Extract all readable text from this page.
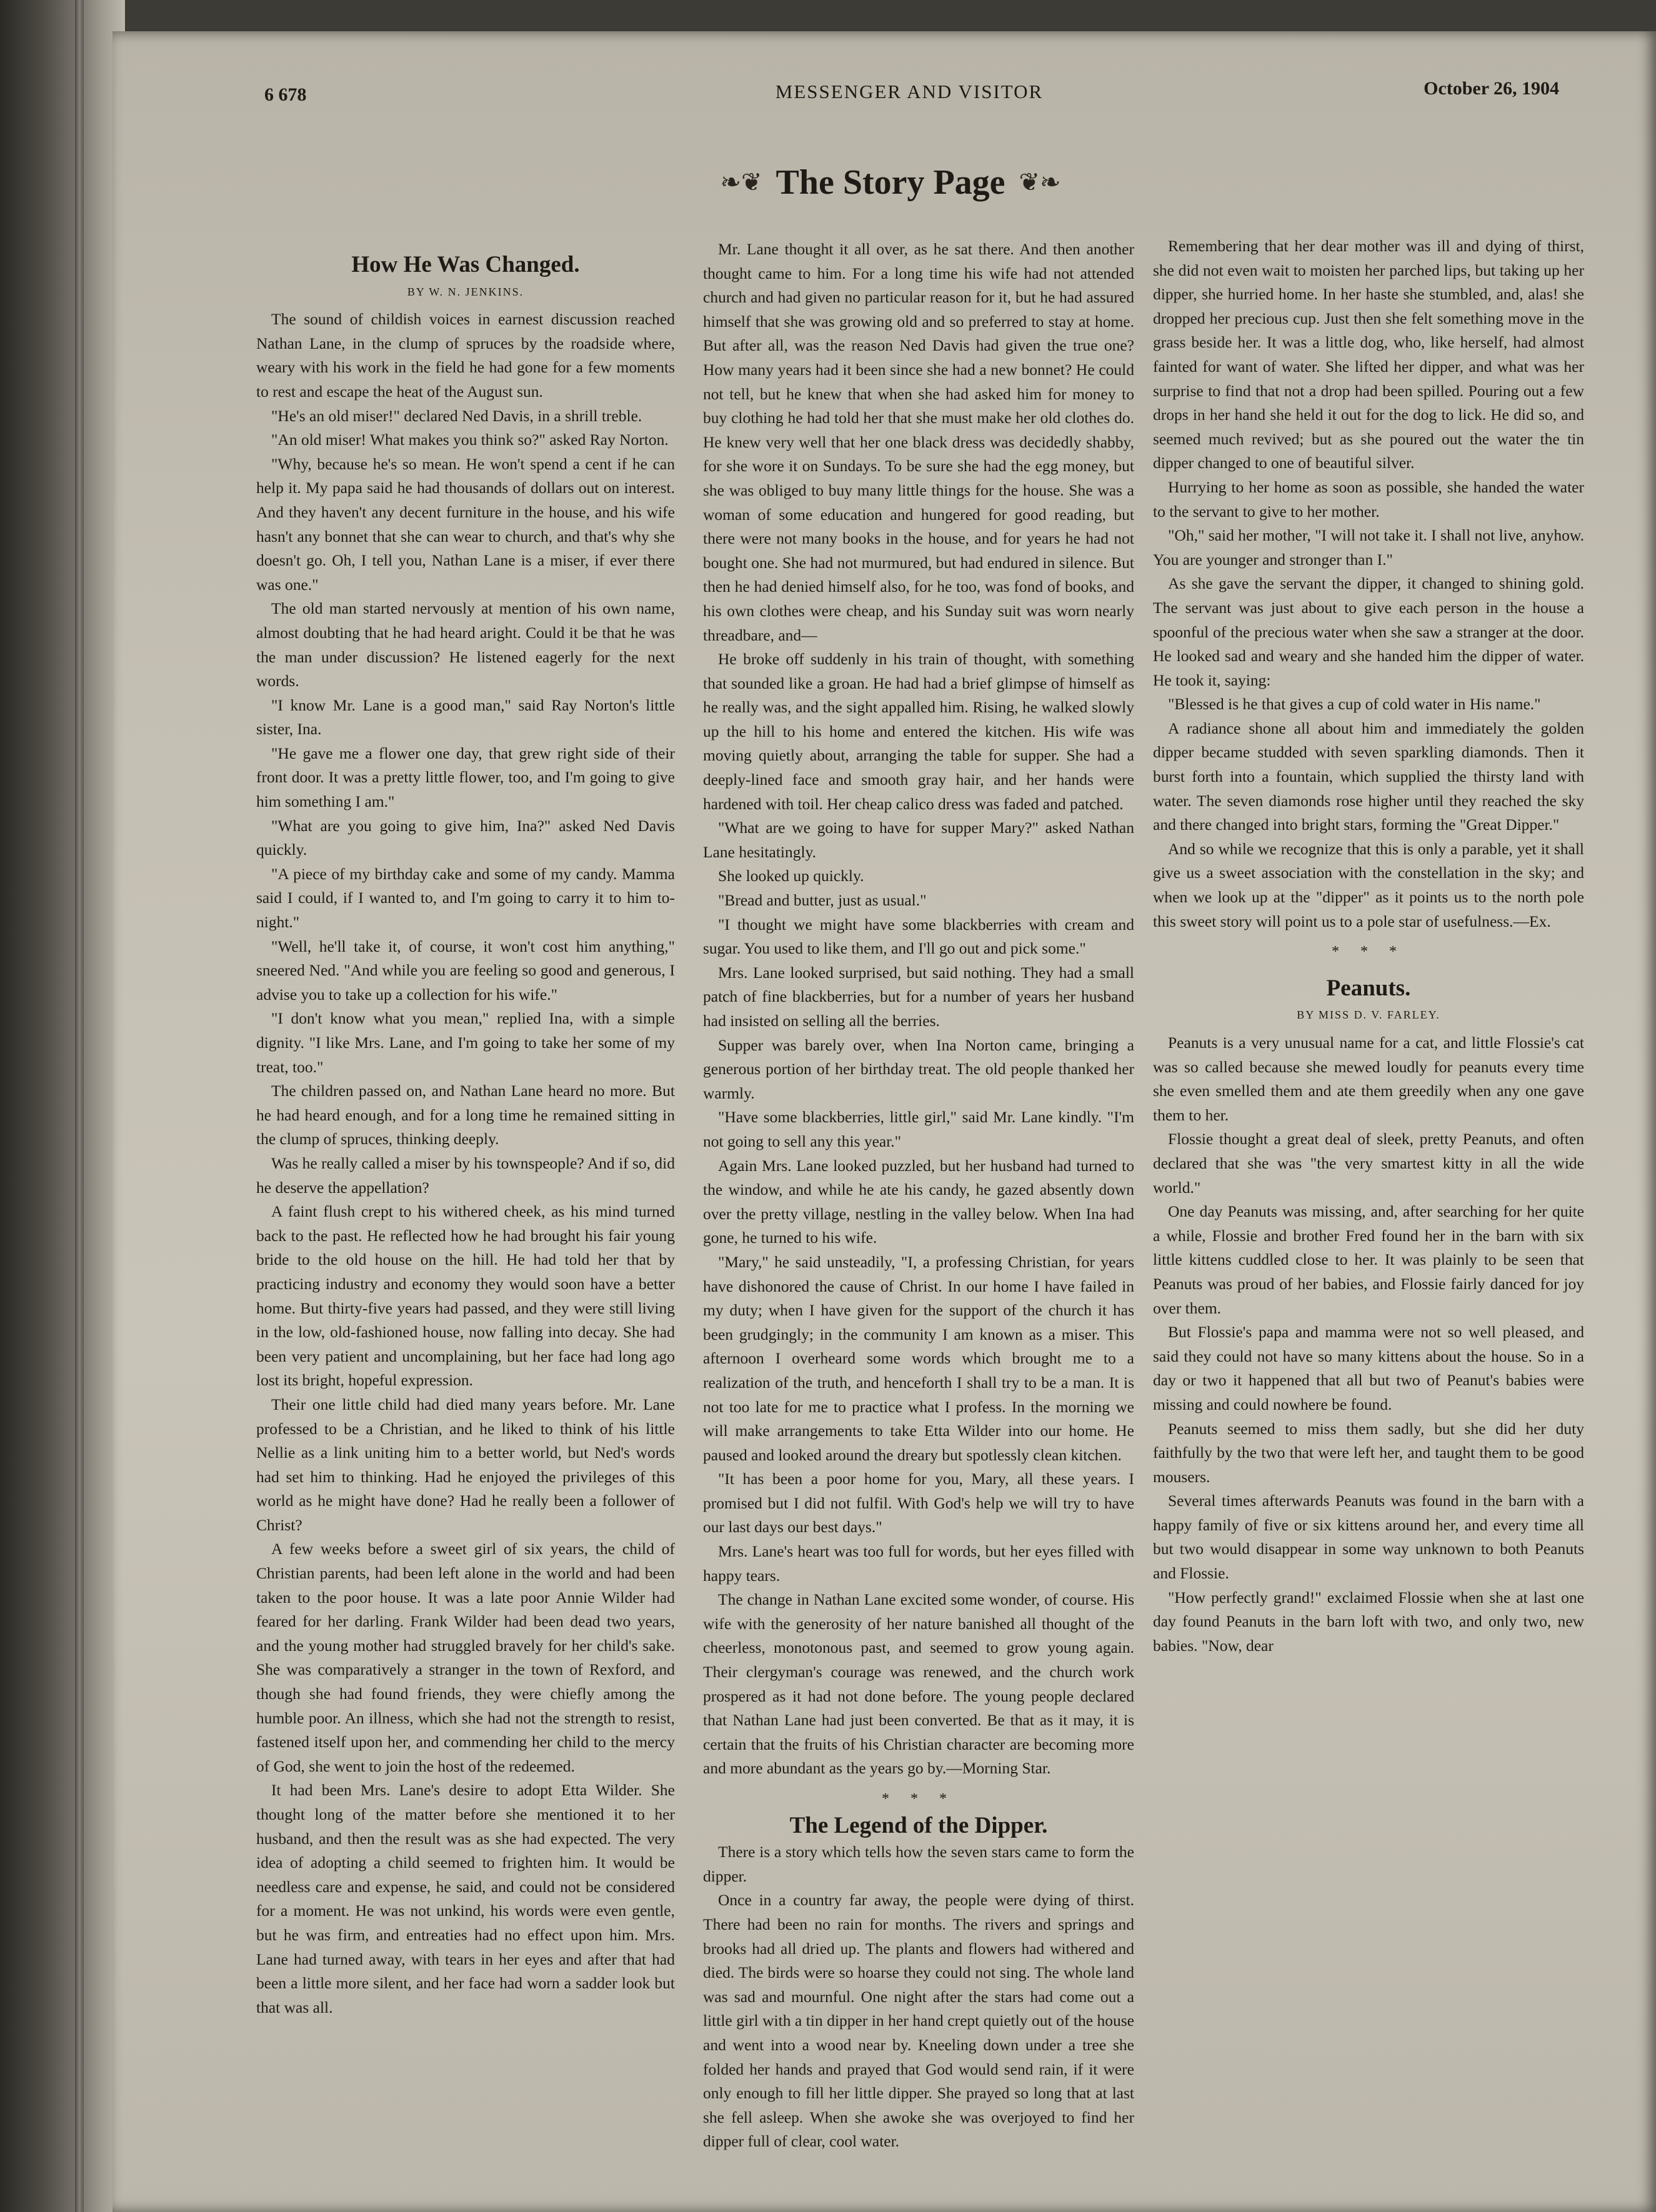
6 678	MESSENGER AND VISITOR	October 26, 1904
❧❦ The Story Page ❦❧
How He Was Changed.
BY W. N. JENKINS.

The sound of childish voices in earnest discussion reached Nathan Lane, in the clump of spruces by the roadside where, weary with his work in the field he had gone for a few moments to rest and escape the heat of the August sun.

"He's an old miser!" declared Ned Davis, in a shrill treble.

"An old miser! What makes you think so?" asked Ray Norton.

"Why, because he's so mean. He won't spend a cent if he can help it. My papa said he had thousands of dollars out on interest. And they haven't any decent furniture in the house, and his wife hasn't any bonnet that she can wear to church, and that's why she doesn't go. Oh, I tell you, Nathan Lane is a miser, if ever there was one."

The old man started nervously at mention of his own name, almost doubting that he had heard aright. Could it be that he was the man under discussion? He listened eagerly for the next words.

"I know Mr. Lane is a good man," said Ray Norton's little sister, Ina.

"He gave me a flower one day, that grew right side of their front door. It was a pretty little flower, too, and I'm going to give him something I am."

"What are you going to give him, Ina?" asked Ned Davis quickly.

"A piece of my birthday cake and some of my candy. Mamma said I could, if I wanted to, and I'm going to carry it to him to-night."

"Well, he'll take it, of course, it won't cost him anything," sneered Ned. "And while you are feeling so good and generous, I advise you to take up a collection for his wife."

"I don't know what you mean," replied Ina, with a simple dignity. "I like Mrs. Lane, and I'm going to take her some of my treat, too."

The children passed on, and Nathan Lane heard no more. But he had heard enough, and for a long time he remained sitting in the clump of spruces, thinking deeply.

Was he really called a miser by his townspeople? And if so, did he deserve the appellation?

A faint flush crept to his withered cheek, as his mind turned back to the past. He reflected how he had brought his fair young bride to the old house on the hill. He had told her that by practicing industry and economy they would soon have a better home. But thirty-five years had passed, and they were still living in the low, old-fashioned house, now falling into decay. She had been very patient and uncomplaining, but her face had long ago lost its bright, hopeful expression.

Their one little child had died many years before. Mr. Lane professed to be a Christian, and he liked to think of his little Nellie as a link uniting him to a better world, but Ned's words had set him to thinking. Had he enjoyed the privileges of this world as he might have done? Had he really been a follower of Christ?

A few weeks before a sweet girl of six years, the child of Christian parents, had been left alone in the world and had been taken to the poor house. It was a late poor Annie Wilder had feared for her darling. Frank Wilder had been dead two years, and the young mother had struggled bravely for her child's sake. She was comparatively a stranger in the town of Rexford, and though she had found friends, they were chiefly among the humble poor. An illness, which she had not the strength to resist, fastened itself upon her, and commending her child to the mercy of God, she went to join the host of the redeemed.

It had been Mrs. Lane's desire to adopt Etta Wilder. She thought long of the matter before she mentioned it to her husband, and then the result was as she had expected. The very idea of adopting a child seemed to frighten him. It would be needless care and expense, he said, and could not be considered for a moment. He was not unkind, his words were even gentle, but he was firm, and entreaties had no effect upon him. Mrs. Lane had turned away, with tears in her eyes and after that had been a little more silent, and her face had worn a sadder look but that was all.

Mr. Lane thought it all over, as he sat there. And then another thought came to him. For a long time his wife had not attended church and had given no particular reason for it, but he had assured himself that she was growing old and so preferred to stay at home. But after all, was the reason Ned Davis had given the true one? How many years had it been since she had a new bonnet? He could not tell, but he knew that when she had asked him for money to buy clothing he had told her that she must make her old clothes do. He knew very well that her one black dress was decidedly shabby, for she wore it on Sundays. To be sure she had the egg money, but she was obliged to buy many little things for the house. She was a woman of some education and hungered for good reading, but there were not many books in the house, and for years he had not bought one. She had not murmured, but had endured in silence. But then he had denied himself also, for he too, was fond of books, and his own clothes were cheap, and his Sunday suit was worn nearly threadbare, and—

He broke off suddenly in his train of thought, with something that sounded like a groan. He had had a brief glimpse of himself as he really was, and the sight appalled him. Rising, he walked slowly up the hill to his home and entered the kitchen. His wife was moving quietly about, arranging the table for supper. She had a deeply-lined face and smooth gray hair, and her hands were hardened with toil. Her cheap calico dress was faded and patched.

"What are we going to have for supper Mary?" asked Nathan Lane hesitatingly.

She looked up quickly.

"Bread and butter, just as usual."

"I thought we might have some blackberries with cream and sugar. You used to like them, and I'll go out and pick some."

Mrs. Lane looked surprised, but said nothing. They had a small patch of fine blackberries, but for a number of years her husband had insisted on selling all the berries.

Supper was barely over, when Ina Norton came, bringing a generous portion of her birthday treat. The old people thanked her warmly.

"Have some blackberries, little girl," said Mr. Lane kindly. "I'm not going to sell any this year."

Again Mrs. Lane looked puzzled, but her husband had turned to the window, and while he ate his candy, he gazed absently down over the pretty village, nestling in the valley below. When Ina had gone, he turned to his wife.

"Mary," he said unsteadily, "I, a professing Christian, for years have dishonored the cause of Christ. In our home I have failed in my duty; when I have given for the support of the church it has been grudgingly; in the community I am known as a miser. This afternoon I overheard some words which brought me to a realization of the truth, and henceforth I shall try to be a man. It is not too late for me to practice what I profess. In the morning we will make arrangements to take Etta Wilder into our home. He paused and looked around the dreary but spotlessly clean kitchen.

"It has been a poor home for you, Mary, all these years. I promised but I did not fulfil. With God's help we will try to have our last days our best days."

Mrs. Lane's heart was too full for words, but her eyes filled with happy tears.

The change in Nathan Lane excited some wonder, of course. His wife with the generosity of her nature banished all thought of the cheerless, monotonous past, and seemed to grow young again. Their clergyman's courage was renewed, and the church work prospered as it had not done before. The young people declared that Nathan Lane had just been converted. Be that as it may, it is certain that the fruits of his Christian character are becoming more and more abundant as the years go by.—Morning Star.

* * *
The Legend of the Dipper.

There is a story which tells how the seven stars came to form the dipper.

Once in a country far away, the people were dying of thirst. There had been no rain for months. The rivers and springs and brooks had all dried up. The plants and flowers had withered and died. The birds were so hoarse they could not sing. The whole land was sad and mournful. One night after the stars had come out a little girl with a tin dipper in her hand crept quietly out of the house and went into a wood near by. Kneeling down under a tree she folded her hands and prayed that God would send rain, if it were only enough to fill her little dipper. She prayed so long that at last she fell asleep. When she awoke she was overjoyed to find her dipper full of clear, cool water.

Remembering that her dear mother was ill and dying of thirst, she did not even wait to moisten her parched lips, but taking up her dipper, she hurried home. In her haste she stumbled, and, alas! she dropped her precious cup. Just then she felt something move in the grass beside her. It was a little dog, who, like herself, had almost fainted for want of water. She lifted her dipper, and what was her surprise to find that not a drop had been spilled. Pouring out a few drops in her hand she held it out for the dog to lick. He did so, and seemed much revived; but as she poured out the water the tin dipper changed to one of beautiful silver.

Hurrying to her home as soon as possible, she handed the water to the servant to give to her mother.

"Oh," said her mother, "I will not take it. I shall not live, anyhow. You are younger and stronger than I."

As she gave the servant the dipper, it changed to shining gold. The servant was just about to give each person in the house a spoonful of the precious water when she saw a stranger at the door. He looked sad and weary and she handed him the dipper of water. He took it, saying:

"Blessed is he that gives a cup of cold water in His name."

A radiance shone all about him and immediately the golden dipper became studded with seven sparkling diamonds. Then it burst forth into a fountain, which supplied the thirsty land with water. The seven diamonds rose higher until they reached the sky and there changed into bright stars, forming the "Great Dipper."

And so while we recognize that this is only a parable, yet it shall give us a sweet association with the constellation in the sky; and when we look up at the "dipper" as it points us to the north pole this sweet story will point us to a pole star of usefulness.—Ex.

* * *
Peanuts.
BY MISS D. V. FARLEY.

Peanuts is a very unusual name for a cat, and little Flossie's cat was so called because she mewed loudly for peanuts every time she even smelled them and ate them greedily when any one gave them to her.

Flossie thought a great deal of sleek, pretty Peanuts, and often declared that she was "the very smartest kitty in all the wide world."

One day Peanuts was missing, and, after searching for her quite a while, Flossie and brother Fred found her in the barn with six little kittens cuddled close to her. It was plainly to be seen that Peanuts was proud of her babies, and Flossie fairly danced for joy over them.

But Flossie's papa and mamma were not so well pleased, and said they could not have so many kittens about the house. So in a day or two it happened that all but two of Peanut's babies were missing and could nowhere be found.

Peanuts seemed to miss them sadly, but she did her duty faithfully by the two that were left her, and taught them to be good mousers.

Several times afterwards Peanuts was found in the barn with a happy family of five or six kittens around her, and every time all but two would disappear in some way unknown to both Peanuts and Flossie.

"How perfectly grand!" exclaimed Flossie when she at last one day found Peanuts in the barn loft with two, and only two, new babies. "Now, dear
